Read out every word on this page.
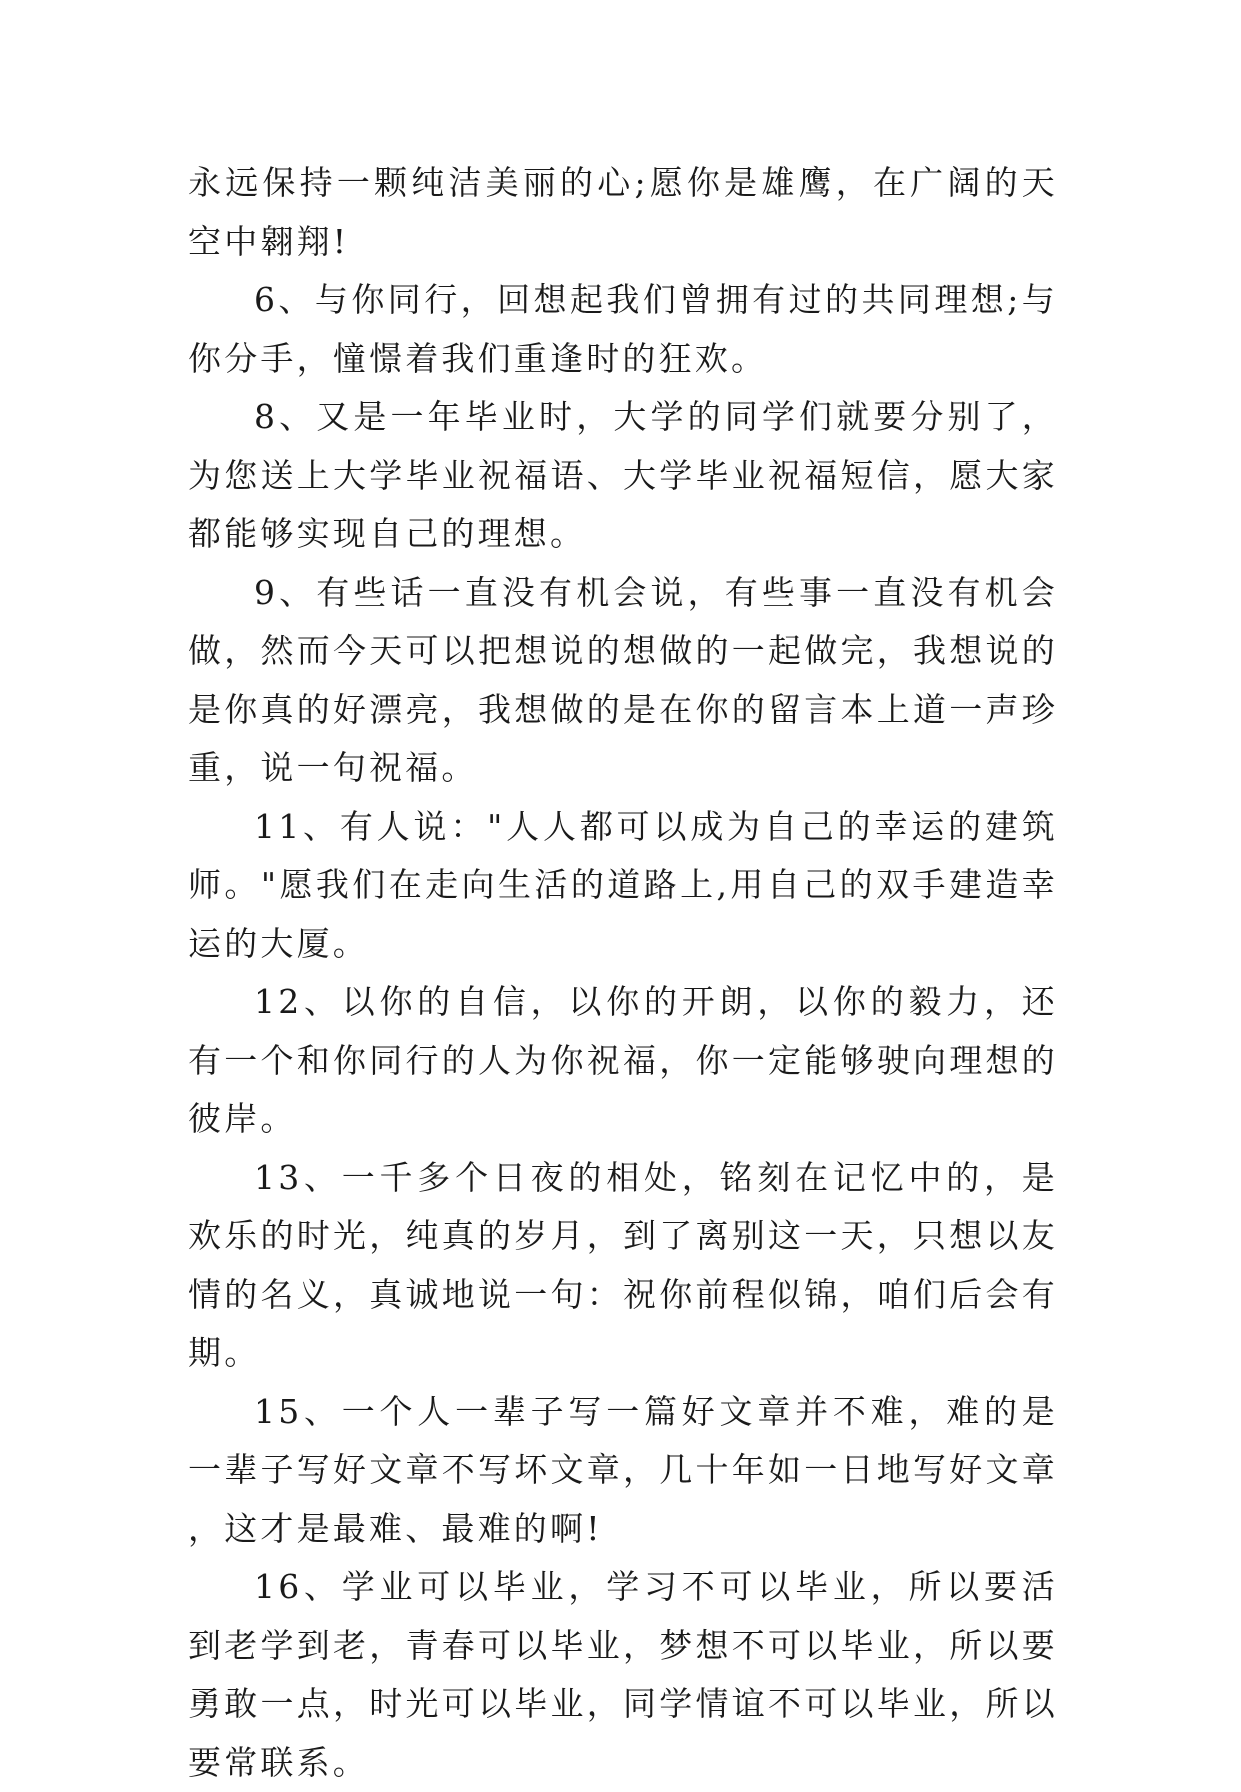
永远保持一颗纯洁美丽的心;愿你是雄鹰，在广阔的天空中翱翔!

6、与你同行，回想起我们曾拥有过的共同理想;与你分手，憧憬着我们重逢时的狂欢。

8、又是一年毕业时，大学的同学们就要分别了，为您送上大学毕业祝福语、大学毕业祝福短信，愿大家都能够实现自己的理想。

9、有些话一直没有机会说，有些事一直没有机会做，然而今天可以把想说的想做的一起做完，我想说的是你真的好漂亮，我想做的是在你的留言本上道一声珍重，说一句祝福。

11、有人说："人人都可以成为自己的幸运的建筑师。"愿我们在走向生活的道路上,用自己的双手建造幸运的大厦。

12、以你的自信，以你的开朗，以你的毅力，还有一个和你同行的人为你祝福，你一定能够驶向理想的彼岸。

13、一千多个日夜的相处，铭刻在记忆中的，是欢乐的时光，纯真的岁月，到了离别这一天，只想以友情的名义，真诚地说一句：祝你前程似锦，咱们后会有期。

15、一个人一辈子写一篇好文章并不难，难的是一辈子写好文章不写坏文章，几十年如一日地写好文章，这才是最难、最难的啊!

16、学业可以毕业，学习不可以毕业，所以要活到老学到老，青春可以毕业，梦想不可以毕业，所以要勇敢一点，时光可以毕业，同学情谊不可以毕业，所以要常联系。
